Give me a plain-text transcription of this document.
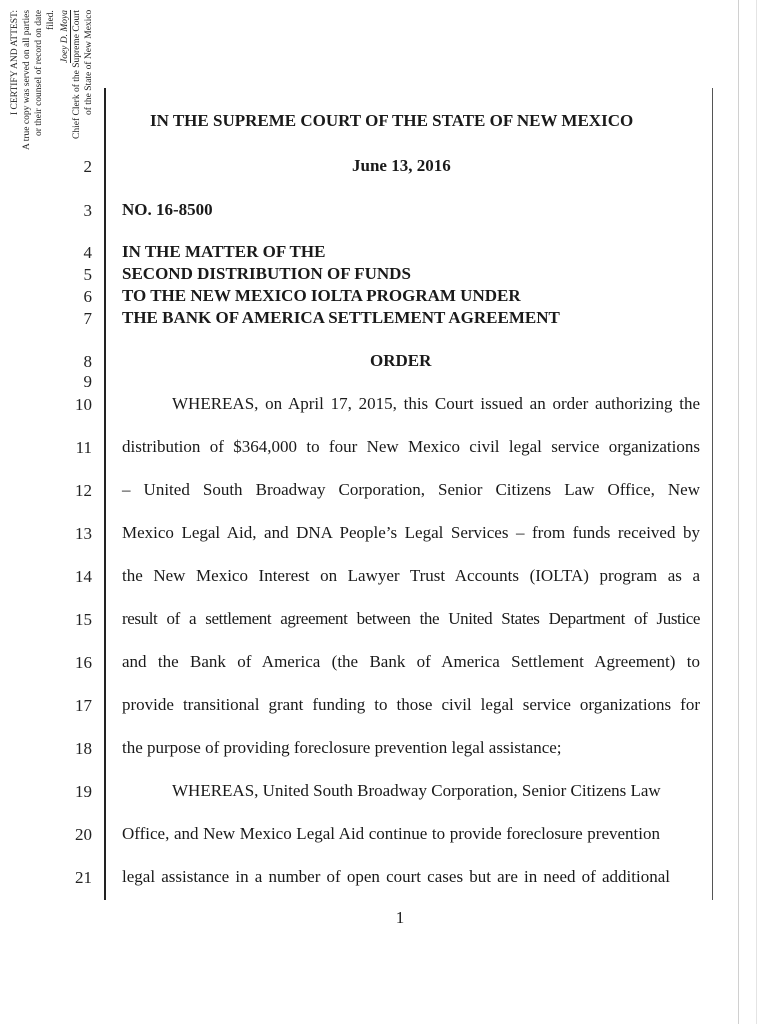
I CERTIFY AND ATTEST: A true copy was served on all parties or their counsel of record on date filed. Joey D. Moya Chief Clerk of the Supreme Court of the State of New Mexico
IN THE SUPREME COURT OF THE STATE OF NEW MEXICO
2	June 13, 2016
3 NO. 16-8500
4 IN THE MATTER OF THE
5 SECOND DISTRIBUTION OF FUNDS
6 TO THE NEW MEXICO IOLTA PROGRAM UNDER
7 THE BANK OF AMERICA SETTLEMENT AGREEMENT
8	ORDER
9
10	WHEREAS, on April 17, 2015, this Court issued an order authorizing the
11 distribution of $364,000 to four New Mexico civil legal service organizations
12 – United South Broadway Corporation, Senior Citizens Law Office, New
13 Mexico Legal Aid, and DNA People’s Legal Services – from funds received by
14 the New Mexico Interest on Lawyer Trust Accounts (IOLTA) program as a
15 result of a settlement agreement between the United States Department of Justice
16 and the Bank of America (the Bank of America Settlement Agreement) to
17 provide transitional grant funding to those civil legal service organizations for
18 the purpose of providing foreclosure prevention legal assistance;
19	WHEREAS, United South Broadway Corporation, Senior Citizens Law
20 Office, and New Mexico Legal Aid continue to provide foreclosure prevention
21 legal assistance in a number of open court cases but are in need of additional
1
